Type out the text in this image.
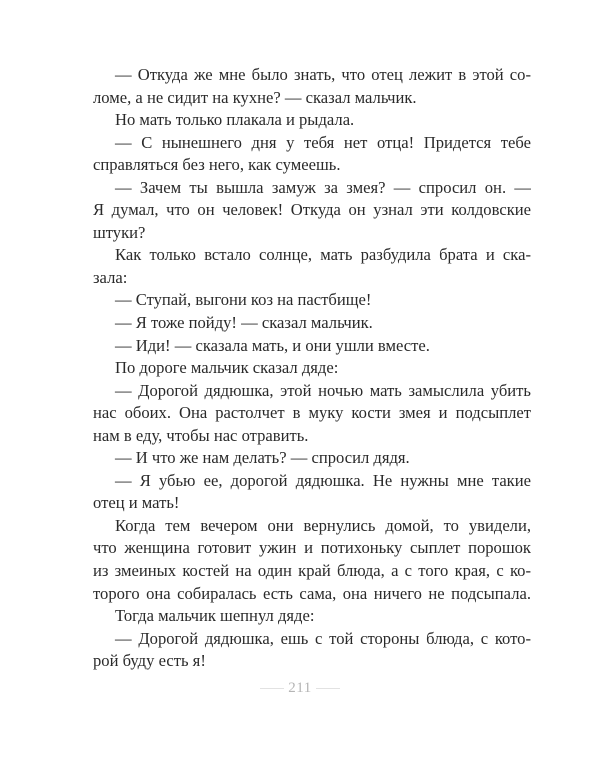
— Откуда же мне было знать, что отец лежит в этой со-
ломе, а не сидит на кухне? — сказал мальчик.
Но мать только плакала и рыдала.
— С нынешнего дня у тебя нет отца! Придется тебе
справляться без него, как сумеешь.
— Зачем ты вышла замуж за змея? — спросил он. —
Я думал, что он человек! Откуда он узнал эти колдовские
штуки?
Как только встало солнце, мать разбудила брата и ска-
зала:
— Ступай, выгони коз на пастбище!
— Я тоже пойду! — сказал мальчик.
— Иди! — сказала мать, и они ушли вместе.
По дороге мальчик сказал дяде:
— Дорогой дядюшка, этой ночью мать замыслила убить
нас обоих. Она растолчет в муку кости змея и подсыплет
нам в еду, чтобы нас отравить.
— И что же нам делать? — спросил дядя.
— Я убью ее, дорогой дядюшка. Не нужны мне такие
отец и мать!
Когда тем вечером они вернулись домой, то увидели,
что женщина готовит ужин и потихоньку сыплет порошок
из змеиных костей на один край блюда, а с того края, с ко-
торого она собиралась есть сама, она ничего не подсыпала.
Тогда мальчик шепнул дяде:
— Дорогой дядюшка, ешь с той стороны блюда, с кото-
рой буду есть я!
211
